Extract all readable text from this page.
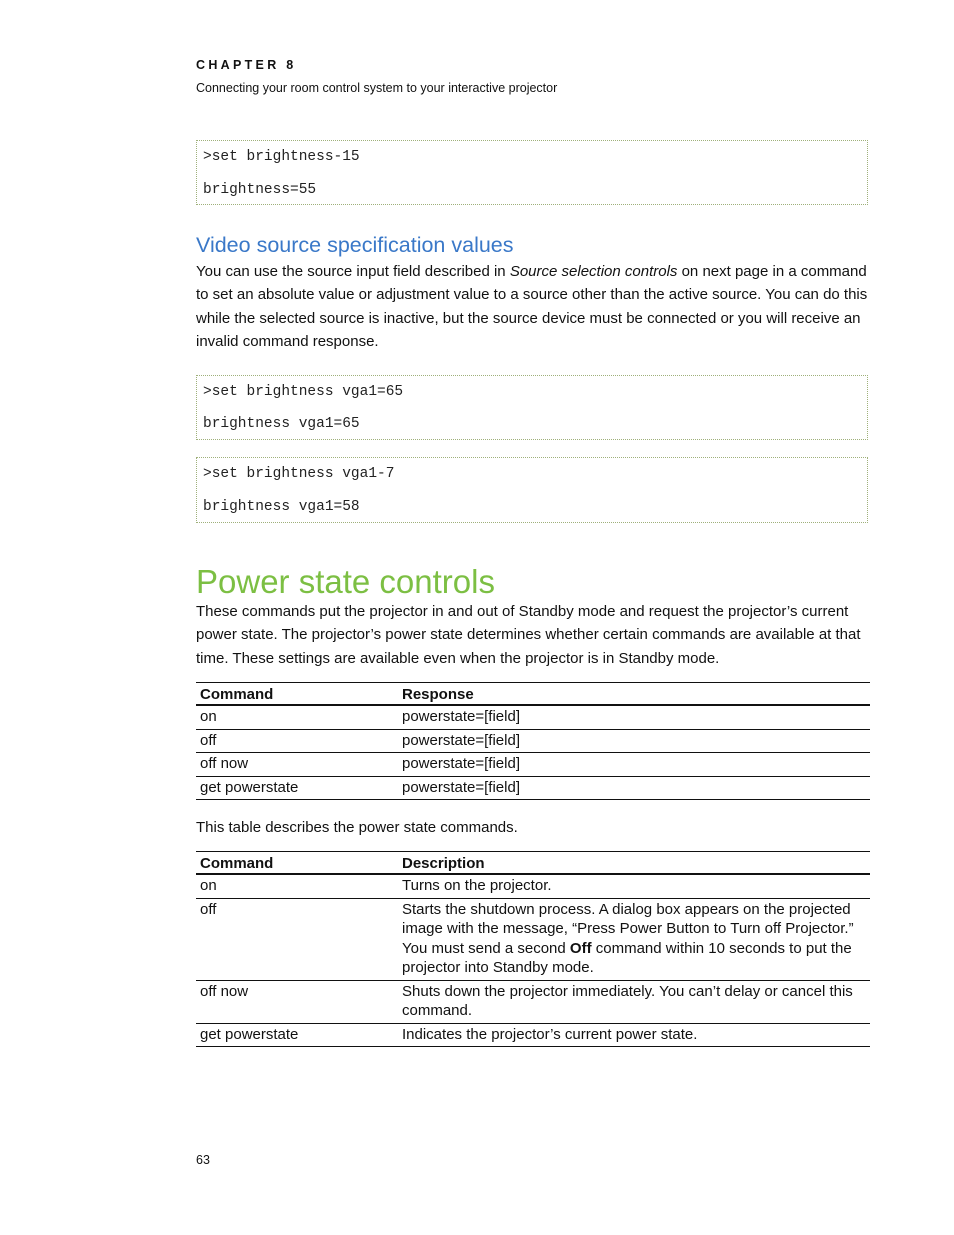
CHAPTER 8
Connecting your room control system to your interactive projector
>set brightness-15
brightness=55
Video source specification values
You can use the source input field described in Source selection controls on next page in a command to set an absolute value or adjustment value to a source other than the active source. You can do this while the selected source is inactive, but the source device must be connected or you will receive an invalid command response.
>set brightness vga1=65
brightness vga1=65
>set brightness vga1-7
brightness vga1=58
Power state controls
These commands put the projector in and out of Standby mode and request the projector’s current power state. The projector’s power state determines whether certain commands are available at that time. These settings are available even when the projector is in Standby mode.
Command	Response
on	powerstate=[field]
off	powerstate=[field]
off now	powerstate=[field]
get powerstate	powerstate=[field]
This table describes the power state commands.
Command	Description
on	Turns on the projector.
off	Starts the shutdown process. A dialog box appears on the projected image with the message, “Press Power Button to Turn off Projector.” You must send a second Off command within 10 seconds to put the projector into Standby mode.
off now	Shuts down the projector immediately. You can’t delay or cancel this command.
get powerstate	Indicates the projector’s current power state.
63
